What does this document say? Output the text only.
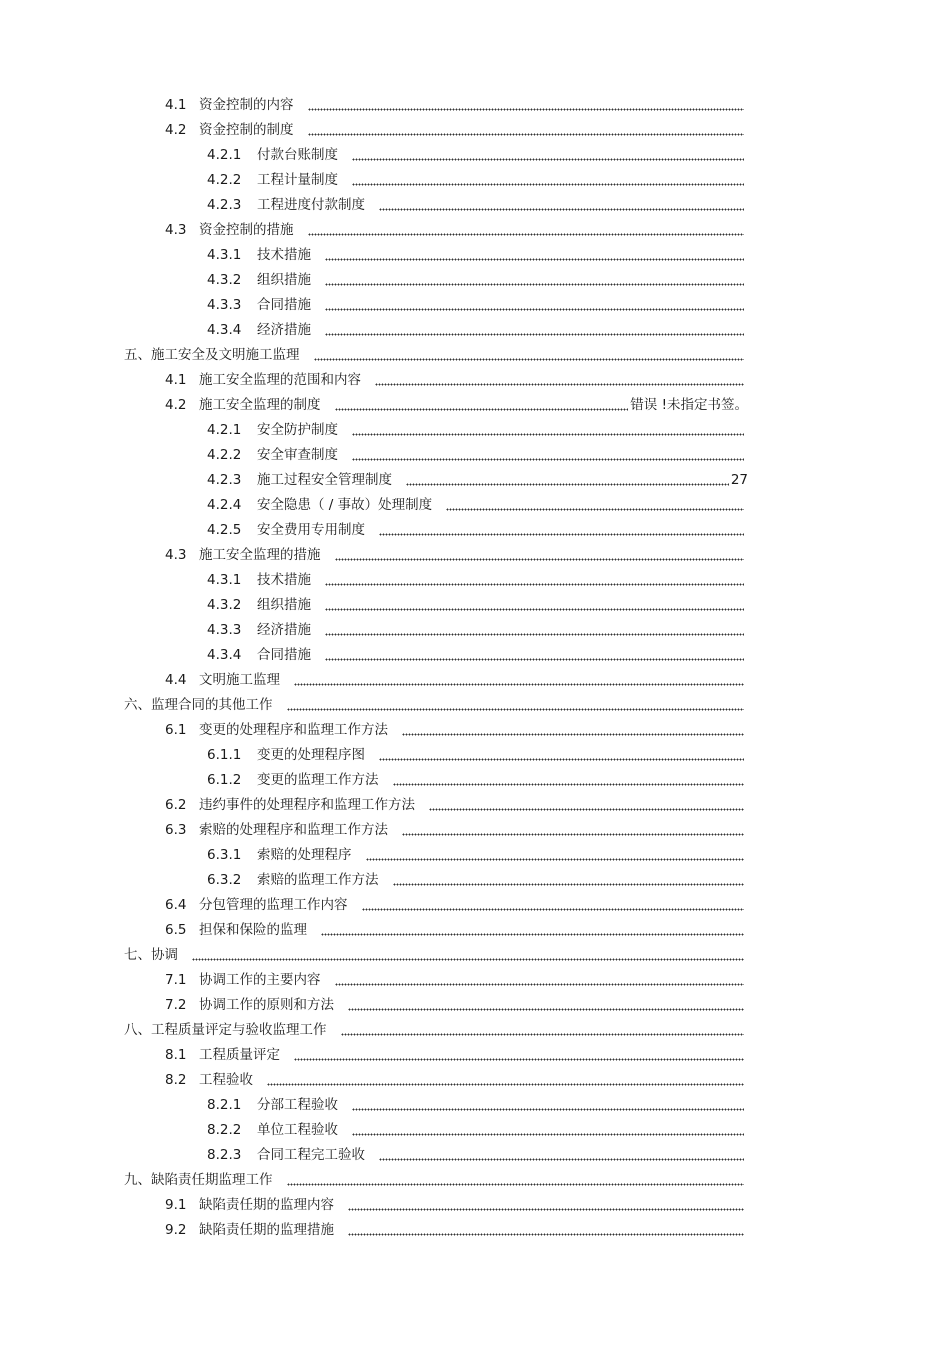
4.1 资金控制的内容
4.2 资金控制的制度
4.2.1	付款台账制度
4.2.2	工程计量制度
4.2.3	工程进度付款制度
4.3 资金控制的措施
4.3.1	技术措施
4.3.2	组织措施
4.3.3	合同措施
4.3.4	经济措施
五、 施工安全及文明施工监理
4.1 施工安全监理的范围和内容
4.2 施工安全监理的制度	错误 !未指定书签。
4.2.1	安全防护制度
4.2.2	安全审查制度
4.2.3	施工过程安全管理制度	27
4.2.4	安全隐患（ / 事故）处理制度
4.2.5	安全费用专用制度
4.3 施工安全监理的措施
4.3.1	技术措施
4.3.2	组织措施
4.3.3	经济措施
4.3.4	合同措施
4.4 文明施工监理
六、 监理合同的其他工作
6.1 变更的处理程序和监理工作方法
6.1.1	变更的处理程序图
6.1.2	变更的监理工作方法
6.2 违约事件的处理程序和监理工作方法
6.3 索赔的处理程序和监理工作方法
6.3.1	索赔的处理程序
6.3.2	索赔的监理工作方法
6.4 分包管理的监理工作内容
6.5 担保和保险的监理
七、 协调
7.1 协调工作的主要内容
7.2 协调工作的原则和方法
八、 工程质量评定与验收监理工作
8.1 工程质量评定
8.2 工程验收
8.2.1	分部工程验收
8.2.2	单位工程验收
8.2.3	合同工程完工验收
九、 缺陷责任期监理工作
9.1 缺陷责任期的监理内容
9.2 缺陷责任期的监理措施
